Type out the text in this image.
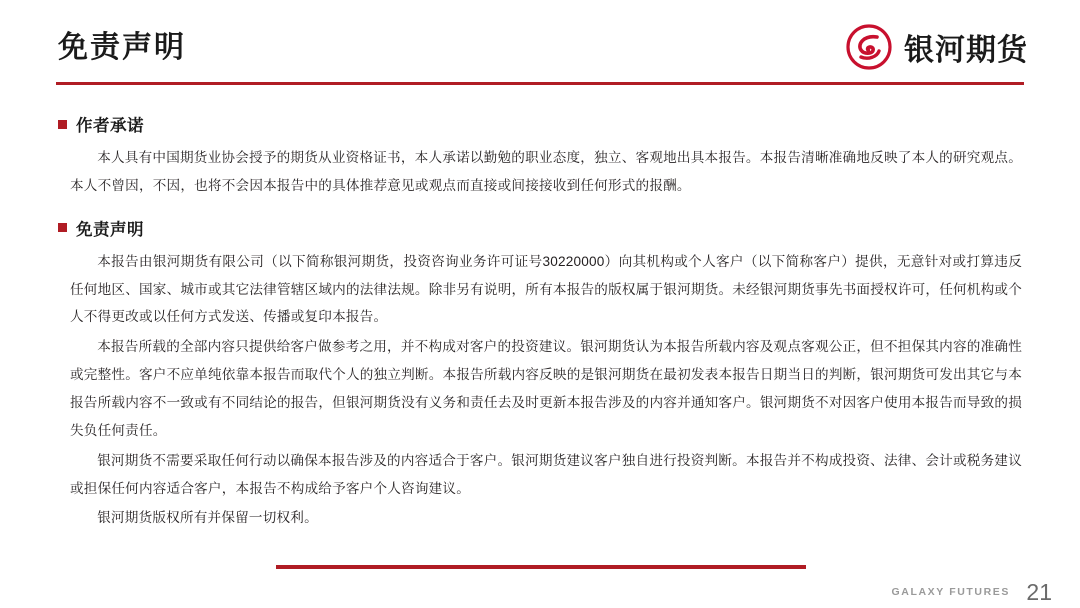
免责声明	银河期货
作者承诺

本人具有中国期货业协会授予的期货从业资格证书，本人承诺以勤勉的职业态度，独立、客观地出具本报告。本报告清晰准确地反映了本人的研究观点。本人不曾因，不因，也将不会因本报告中的具体推荐意见或观点而直接或间接接收到任何形式的报酬。

免责声明

本报告由银河期货有限公司（以下简称银河期货，投资咨询业务许可证号30220000）向其机构或个人客户（以下简称客户）提供，无意针对或打算违反任何地区、国家、城市或其它法律管辖区域内的法律法规。除非另有说明，所有本报告的版权属于银河期货。未经银河期货事先书面授权许可，任何机构或个人不得更改或以任何方式发送、传播或复印本报告。

本报告所载的全部内容只提供给客户做参考之用，并不构成对客户的投资建议。银河期货认为本报告所载内容及观点客观公正，但不担保其内容的准确性或完整性。客户不应单纯依靠本报告而取代个人的独立判断。本报告所载内容反映的是银河期货在最初发表本报告日期当日的判断，银河期货可发出其它与本报告所载内容不一致或有不同结论的报告，但银河期货没有义务和责任去及时更新本报告涉及的内容并通知客户。银河期货不对因客户使用本报告而导致的损失负任何责任。

银河期货不需要采取任何行动以确保本报告涉及的内容适合于客户。银河期货建议客户独自进行投资判断。本报告并不构成投资、法律、会计或税务建议或担保任何内容适合客户，本报告不构成给予客户个人咨询建议。

银河期货版权所有并保留一切权利。

GALAXY FUTURES 21
